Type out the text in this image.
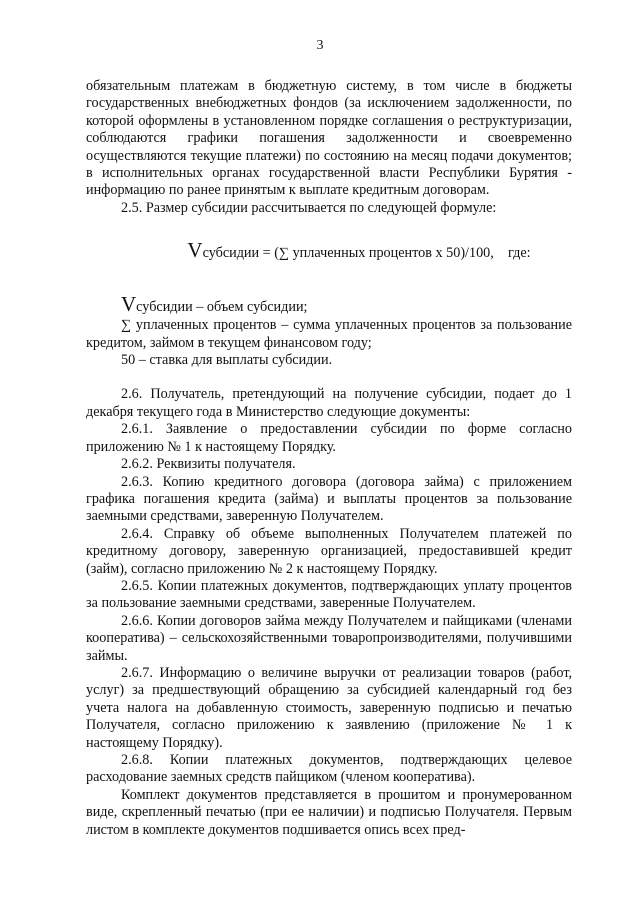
3

обязательным платежам в бюджетную систему, в том числе в бюджеты государственных внебюджетных фондов (за исключением задолженности, по которой оформлены в установленном порядке соглашения о реструктуризации, соблюдаются графики погашения задолженности и своевременно осуществляются текущие платежи) по состоянию на месяц подачи документов; в исполнительных органах государственной власти Республики Бурятия - информацию по ранее принятым к выплате кредитным договорам.

2.5. Размер субсидии рассчитывается по следующей формуле:

Vсубсидии = (∑ уплаченных процентов х 50)/100, где:

Vсубсидии – объем субсидии;

∑ уплаченных процентов – сумма уплаченных процентов за пользование кредитом, займом в текущем финансовом году;

50 – ставка для выплаты субсидии.

2.6. Получатель, претендующий на получение субсидии, подает до 1 декабря текущего года в Министерство следующие документы:

2.6.1. Заявление о предоставлении субсидии по форме согласно приложению № 1 к настоящему Порядку.

2.6.2. Реквизиты получателя.

2.6.3. Копию кредитного договора (договора займа) с приложением графика погашения кредита (займа) и выплаты процентов за пользование заемными средствами, заверенную Получателем.

2.6.4. Справку об объеме выполненных Получателем платежей по кредитному договору, заверенную организацией, предоставившей кредит (займ), согласно приложению № 2 к настоящему Порядку.

2.6.5. Копии платежных документов, подтверждающих уплату процентов за пользование заемными средствами, заверенные Получателем.

2.6.6. Копии договоров займа между Получателем и пайщиками (членами кооператива) – сельскохозяйственными товаропроизводителями, получившими займы.

2.6.7. Информацию о величине выручки от реализации товаров (работ, услуг) за предшествующий обращению за субсидией календарный год без учета налога на добавленную стоимость, заверенную подписью и печатью Получателя, согласно приложению к заявлению (приложение № 1 к настоящему Порядку).

2.6.8. Копии платежных документов, подтверждающих целевое расходование заемных средств пайщиком (членом кооператива).

Комплект документов представляется в прошитом и пронумерованном виде, скрепленный печатью (при ее наличии) и подписью Получателя. Первым листом в комплекте документов подшивается опись всех пред-
